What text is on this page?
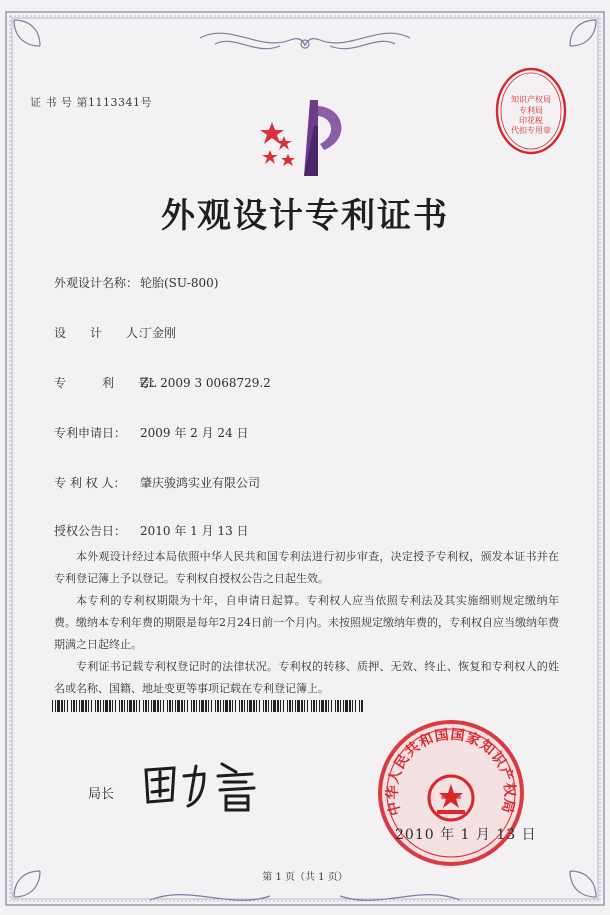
证 书 号 第1113341号	知识产权局
专利局
印花税
代扣专用章
外观设计专利证书
外观设计名称： 轮胎(SU-800)
设　　计　　人：丁金刚
专　　　利　　号：ZL 2009 3 0068729.2
专利申请日： 2009 年 2 月 24 日
专 利 权 人： 肇庆骏鸿实业有限公司
授权公告日： 2010 年 1 月 13 日

本外观设计经过本局依照中华人民共和国专利法进行初步审查，决定授予专利权，颁发本证书并在专利登记簿上予以登记。专利权自授权公告之日起生效。

本专利的专利权期限为十年，自申请日起算。专利权人应当依照专利法及其实施细则规定缴纳年费。缴纳本专利年费的期限是每年2月24日前一个月内。未按照规定缴纳年费的，专利权自应当缴纳年费期满之日起终止。

专利证书记载专利权登记时的法律状况。专利权的转移、质押、无效、终止、恢复和专利权人的姓名或名称、国籍、地址变更等事项记载在专利登记簿上。

局长
中华人民共和国国家知识产权局
2010 年 1 月 13 日
第 1 页（共 1 页）
